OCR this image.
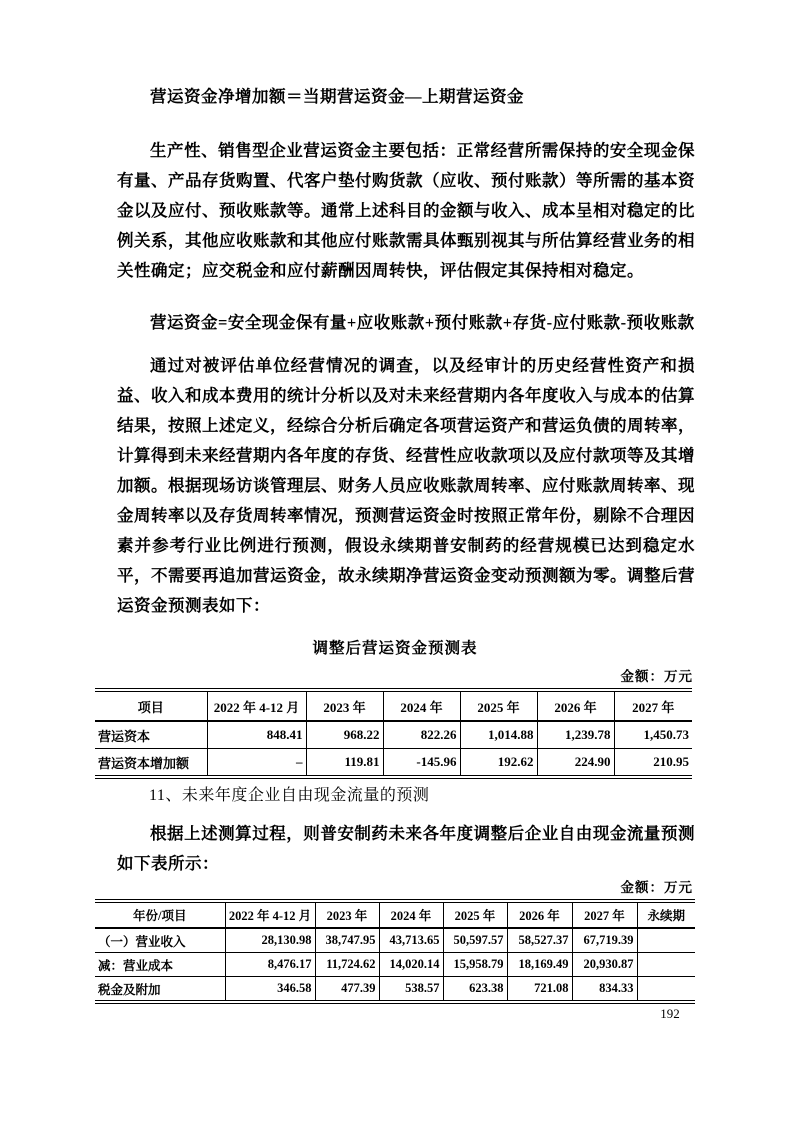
营运资金净增加额＝当期营运资金—上期营运资金

生产性、销售型企业营运资金主要包括：正常经营所需保持的安全现金保有量、产品存货购置、代客户垫付购货款（应收、预付账款）等所需的基本资金以及应付、预收账款等。通常上述科目的金额与收入、成本呈相对稳定的比例关系，其他应收账款和其他应付账款需具体甄别视其与所估算经营业务的相关性确定；应交税金和应付薪酬因周转快，评估假定其保持相对稳定。

营运资金=安全现金保有量+应收账款+预付账款+存货-应付账款-预收账款

通过对被评估单位经营情况的调查，以及经审计的历史经营性资产和损益、收入和成本费用的统计分析以及对未来经营期内各年度收入与成本的估算结果，按照上述定义，经综合分析后确定各项营运资产和营运负债的周转率，计算得到未来经营期内各年度的存货、经营性应收款项以及应付款项等及其增加额。根据现场访谈管理层、财务人员应收账款周转率、应付账款周转率、现金周转率以及存货周转率情况，预测营运资金时按照正常年份，剔除不合理因素并参考行业比例进行预测，假设永续期普安制药的经营规模已达到稳定水平，不需要再追加营运资金，故永续期净营运资金变动预测额为零。调整后营运资金预测表如下：

调整后营运资金预测表
金额：万元
项目	2022 年 4-12 月	2023 年	2024 年	2025 年	2026 年	2027 年
营运资本	848.41	968.22	822.26	1,014.88	1,239.78	1,450.73
营运资本增加额	–	119.81	-145.96	192.62	224.90	210.95
11、未来年度企业自由现金流量的预测

根据上述测算过程，则普安制药未来各年度调整后企业自由现金流量预测如下表所示：

金额：万元
年份/项目	2022 年 4-12 月	2023 年	2024 年	2025 年	2026 年	2027 年	永续期
（一）营业收入	28,130.98	38,747.95	43,713.65	50,597.57	58,527.37	67,719.39	
减：营业成本	8,476.17	11,724.62	14,020.14	15,958.79	18,169.49	20,930.87	
税金及附加	346.58	477.39	538.57	623.38	721.08	834.33	
192
